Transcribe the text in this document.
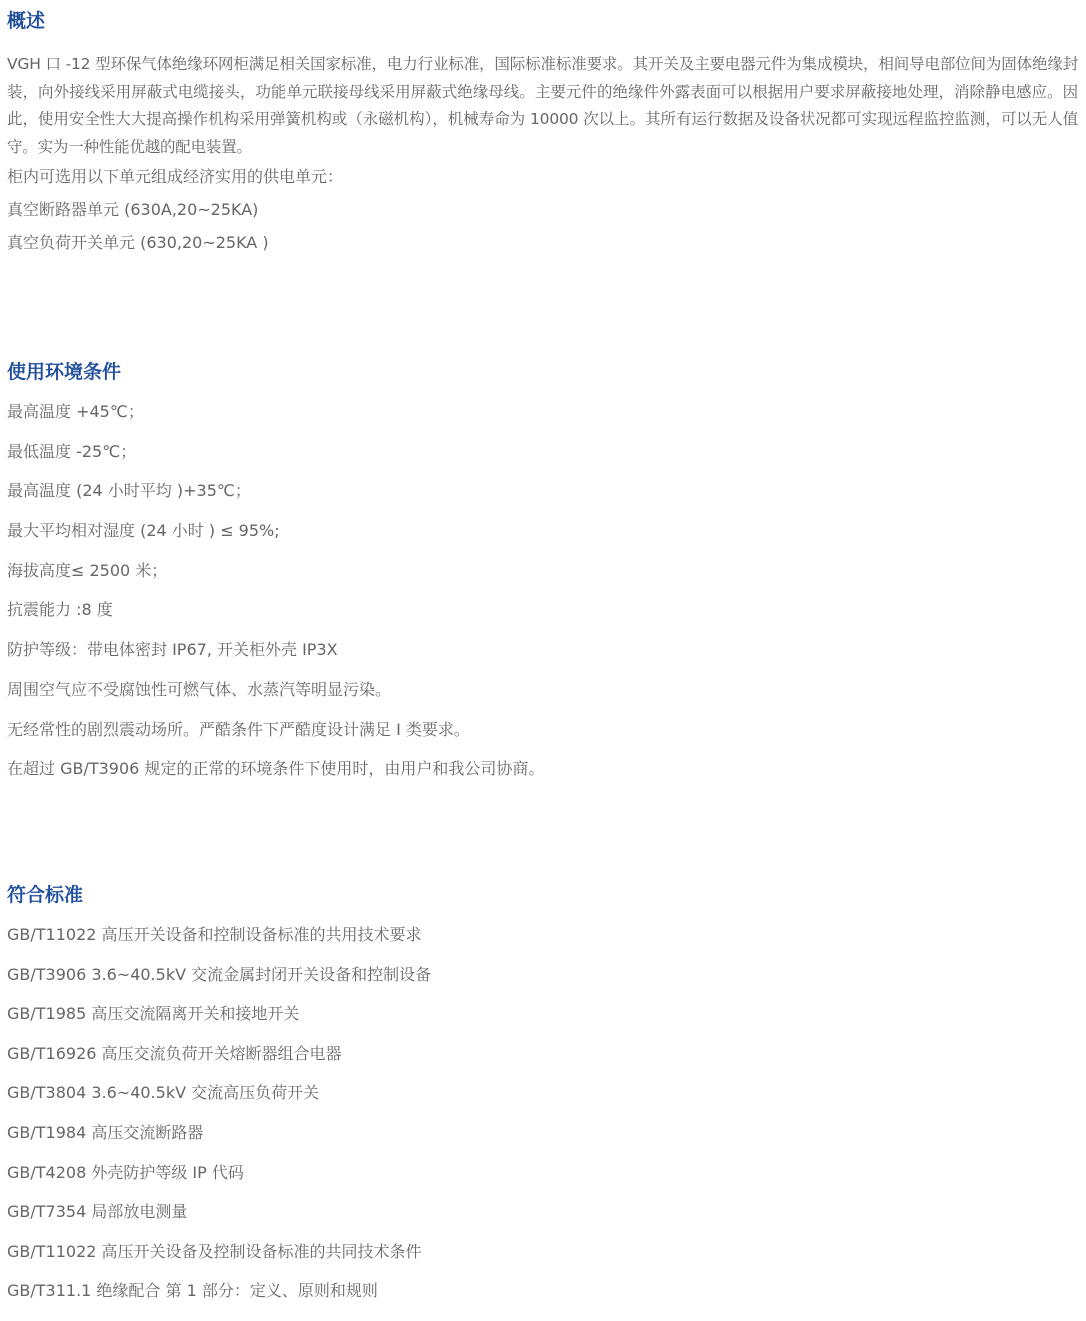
概述

VGH 口 -12 型环保气体绝缘环网柜满足相关国家标准，电力行业标准，国际标准标准要求。其开关及主要电器元件为集成模块，相间导电部位间为固体绝缘封装，向外接线采用屏蔽式电缆接头，功能单元联接母线采用屏蔽式绝缘母线。主要元件的绝缘件外露表面可以根据用户要求屏蔽接地处理，消除静电感应。因此，使用安全性大大提高操作机构采用弹簧机构或（永磁机构），机械寿命为 10000 次以上。其所有运行数据及设备状况都可实现远程监控监测，可以无人值守。实为一种性能优越的配电装置。

柜内可选用以下单元组成经济实用的供电单元：

真空断路器单元 (630A,20~25KA)

真空负荷开关单元 (630,20~25KA )

使用环境条件

最高温度 +45℃；

最低温度 -25℃；

最高温度 (24 小时平均 )+35℃；

最大平均相对湿度 (24 小时 ) ≤ 95%;

海拔高度≤ 2500 米；

抗震能力 :8 度

防护等级：带电体密封 IP67, 开关柜外壳 IP3X

周围空气应不受腐蚀性可燃气体、水蒸汽等明显污染。

无经常性的剧烈震动场所。严酷条件下严酷度设计满足 I 类要求。

在超过 GB/T3906 规定的正常的环境条件下使用时，由用户和我公司协商。

符合标准

GB/T11022 高压开关设备和控制设备标准的共用技术要求

GB/T3906 3.6~40.5kV 交流金属封闭开关设备和控制设备

GB/T1985 高压交流隔离开关和接地开关

GB/T16926 高压交流负荷开关熔断器组合电器

GB/T3804 3.6~40.5kV 交流高压负荷开关

GB/T1984 高压交流断路器

GB/T4208 外壳防护等级 IP 代码

GB/T7354 局部放电测量

GB/T11022 高压开关设备及控制设备标准的共同技术条件

GB/T311.1 绝缘配合 第 1 部分：定义、原则和规则
